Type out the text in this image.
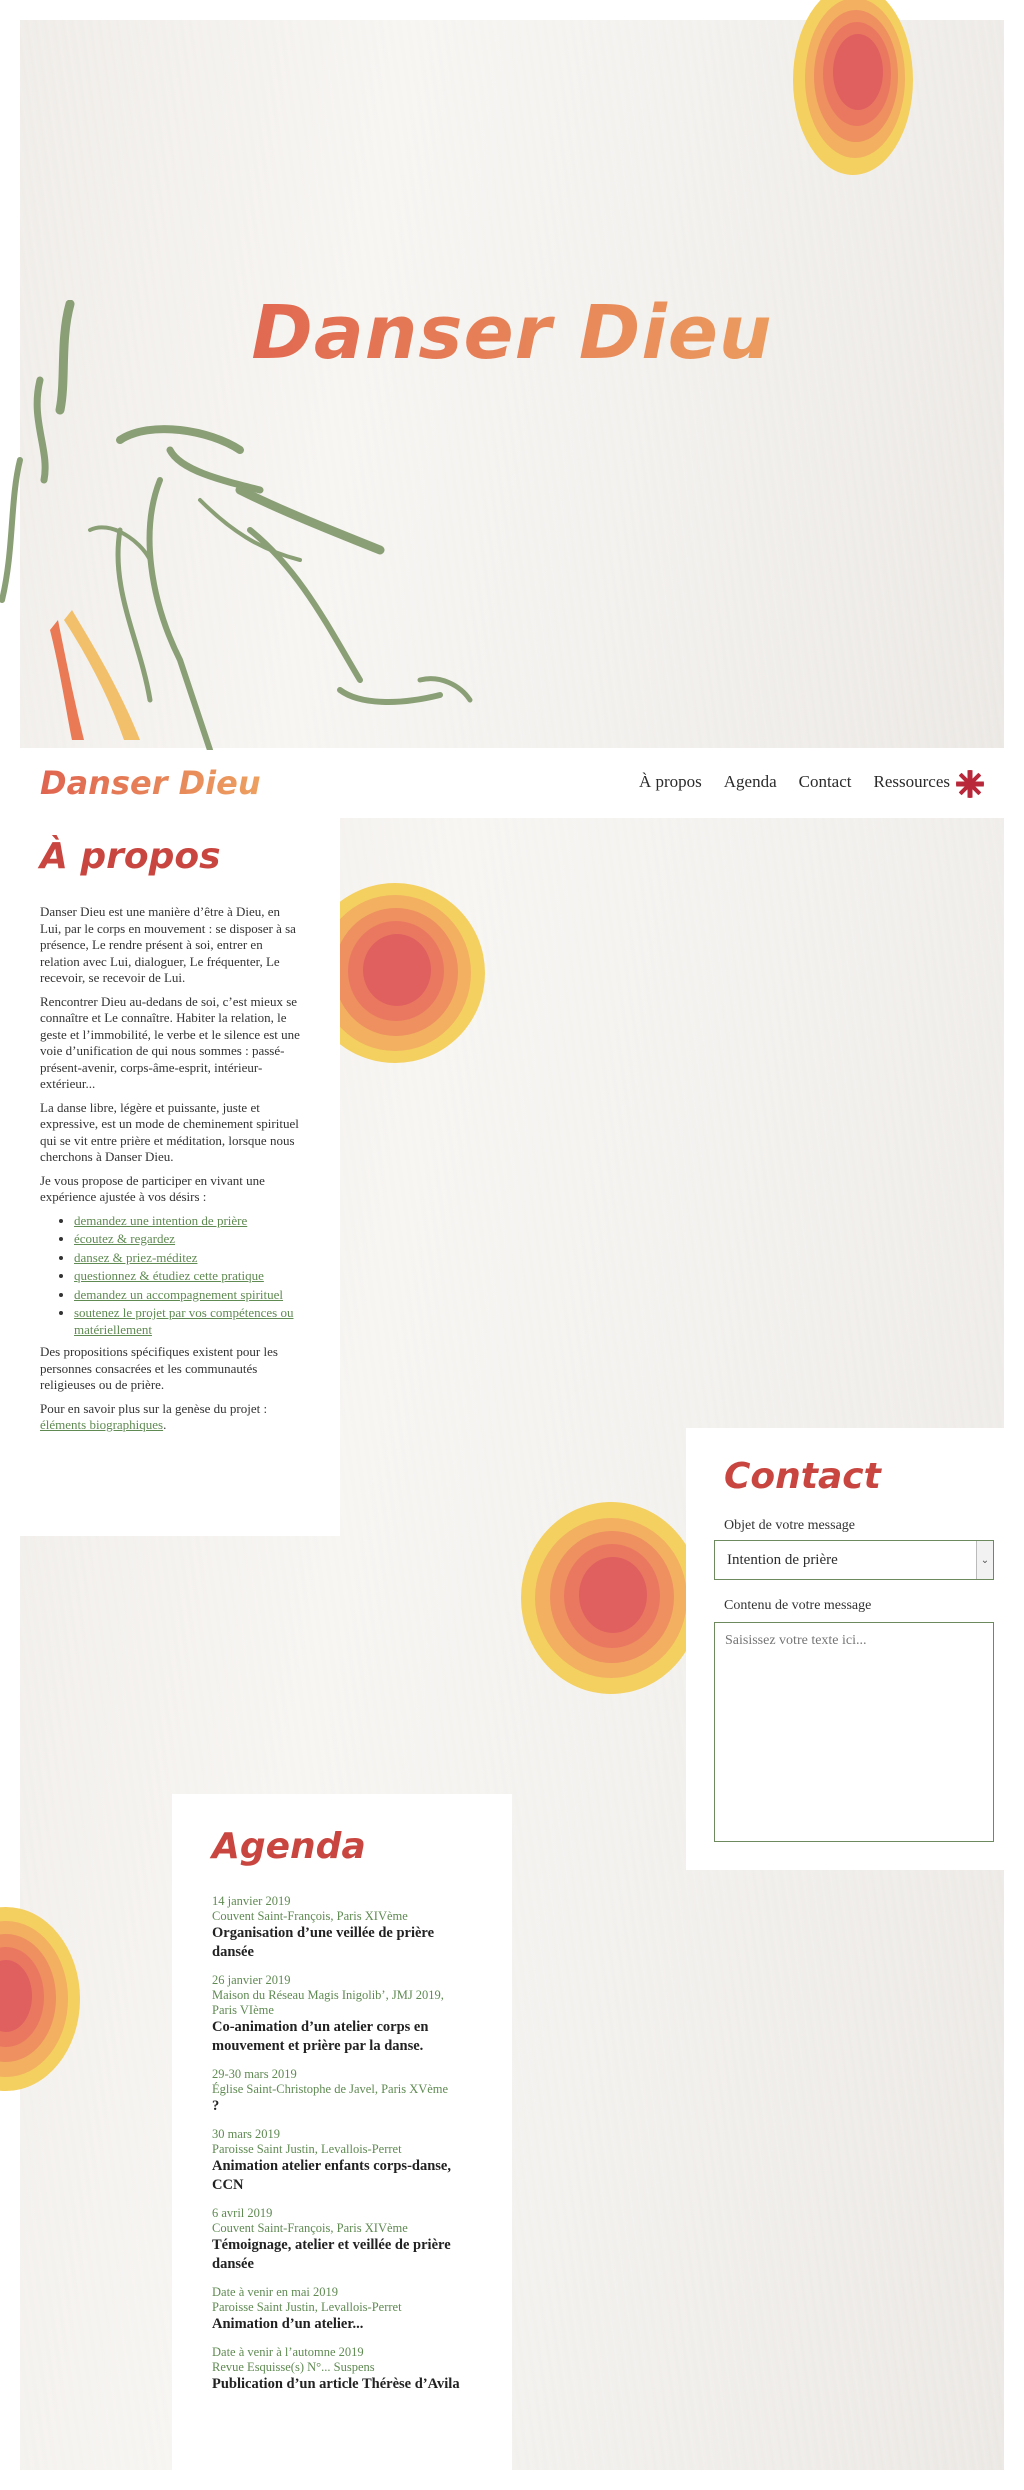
Danser Dieu
Danser Dieu	À propos Agenda Contact Ressources
À propos

Danser Dieu est une manière d’être à Dieu, en Lui, par le corps en mouvement : se disposer à sa présence, Le rendre présent à soi, entrer en relation avec Lui, dialoguer, Le fréquenter, Le recevoir, se recevoir de Lui.

Rencontrer Dieu au-dedans de soi, c’est mieux se connaître et Le connaître. Habiter la relation, le geste et l’immobilité, le verbe et le silence est une voie d’unification de qui nous sommes : passé-présent-avenir, corps-âme-esprit, intérieur-extérieur...

La danse libre, légère et puissante, juste et expressive, est un mode de cheminement spirituel qui se vit entre prière et méditation, lorsque nous cherchons à Danser Dieu.

Je vous propose de participer en vivant une expérience ajustée à vos désirs :

• demandez une intention de prière
• écoutez & regardez
• dansez & priez-méditez
• questionnez & étudiez cette pratique
• demandez un accompagnement spirituel
• soutenez le projet par vos compétences ou matériellement

Des propositions spécifiques existent pour les personnes consacrées et les communautés religieuses ou de prière.

Pour en savoir plus sur la genèse du projet : éléments biographiques.

Contact
Objet de votre message
Intention de prière	⌄
Contenu de votre message
Saisissez votre texte ici...
Agenda
14 janvier 2019
Couvent Saint-François, Paris XIVème
Organisation d’une veillée de prière dansée
26 janvier 2019
Maison du Réseau Magis Inigolib’, JMJ 2019, Paris VIème
Co-animation d’un atelier corps en mouvement et prière par la danse.
29-30 mars 2019
Église Saint-Christophe de Javel, Paris XVème
?
30 mars 2019
Paroisse Saint Justin, Levallois-Perret
Animation atelier enfants corps-danse, CCN
6 avril 2019
Couvent Saint-François, Paris XIVème
Témoignage, atelier et veillée de prière dansée
Date à venir en mai 2019
Paroisse Saint Justin, Levallois-Perret
Animation d’un atelier...
Date à venir à l’automne 2019
Revue Esquisse(s) N°... Suspens
Publication d’un article Thérèse d’Avila
